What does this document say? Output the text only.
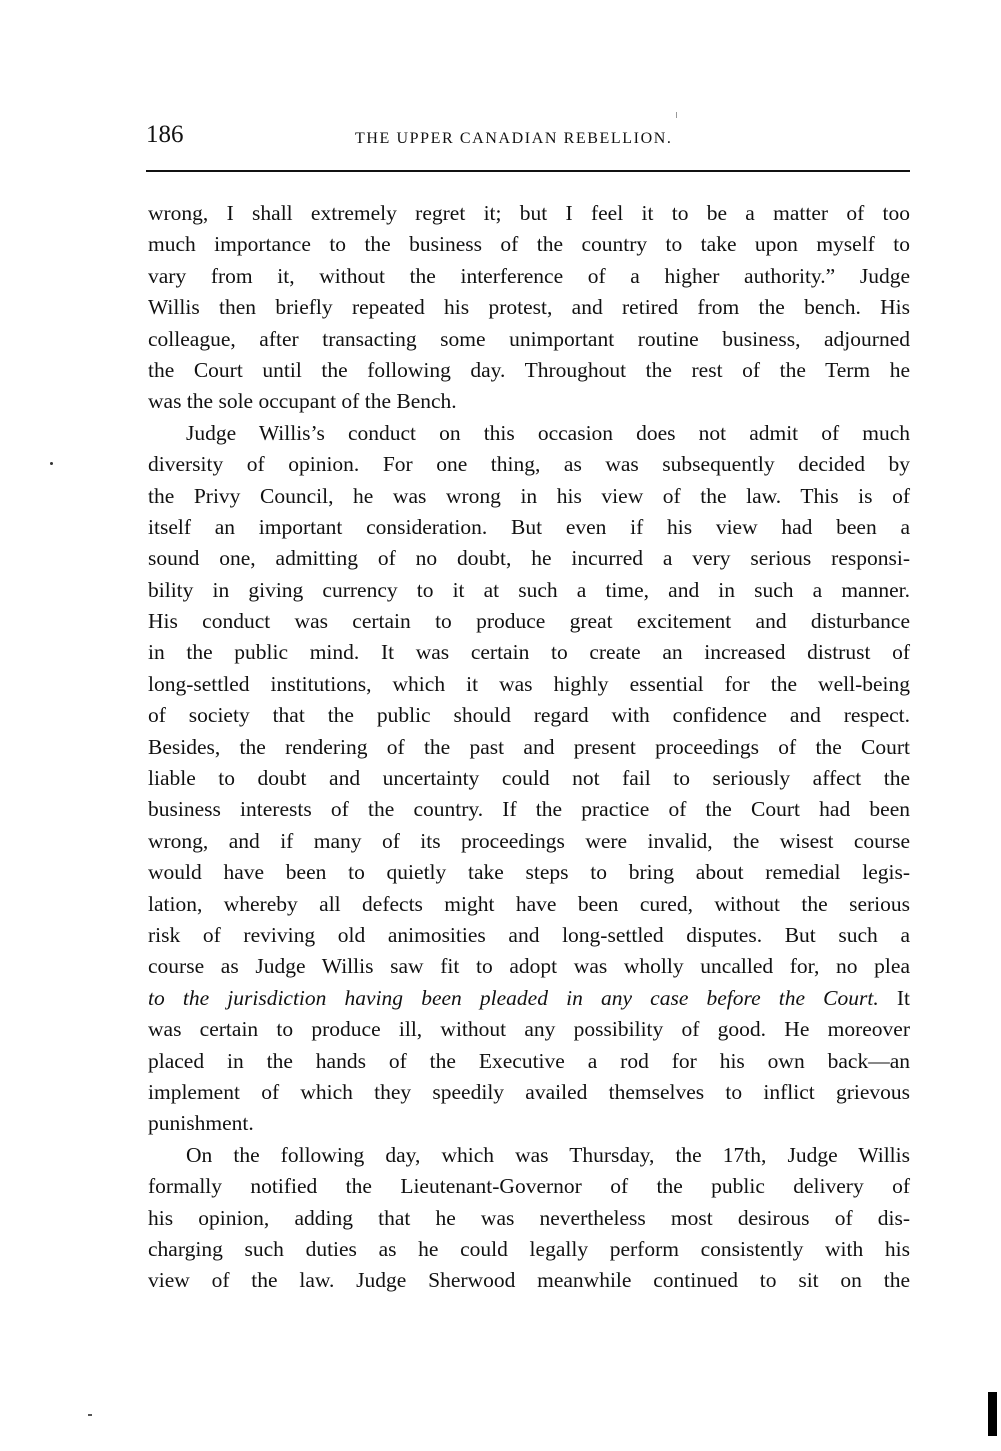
186	THE UPPER CANADIAN REBELLION.
wrong, I shall extremely regret it; but I feel it to be a matter of too
much importance to the business of the country to take upon myself to
vary from it, without the interference of a higher authority.” Judge
Willis then briefly repeated his protest, and retired from the bench. His
colleague, after transacting some unimportant routine business, adjourned
the Court until the following day. Throughout the rest of the Term he
was the sole occupant of the Bench.
Judge Willis’s conduct on this occasion does not admit of much
diversity of opinion. For one thing, as was subsequently decided by
the Privy Council, he was wrong in his view of the law. This is of
itself an important consideration. But even if his view had been a
sound one, admitting of no doubt, he incurred a very serious responsi-
bility in giving currency to it at such a time, and in such a manner.
His conduct was certain to produce great excitement and disturbance
in the public mind. It was certain to create an increased distrust of
long-settled institutions, which it was highly essential for the well-being
of society that the public should regard with confidence and respect.
Besides, the rendering of the past and present proceedings of the Court
liable to doubt and uncertainty could not fail to seriously affect the
business interests of the country. If the practice of the Court had been
wrong, and if many of its proceedings were invalid, the wisest course
would have been to quietly take steps to bring about remedial legis-
lation, whereby all defects might have been cured, without the serious
risk of reviving old animosities and long-settled disputes. But such a
course as Judge Willis saw fit to adopt was wholly uncalled for, no plea
to the jurisdiction having been pleaded in any case before the Court. It
was certain to produce ill, without any possibility of good. He moreover
placed in the hands of the Executive a rod for his own back—an
implement of which they speedily availed themselves to inflict grievous
punishment.
On the following day, which was Thursday, the 17th, Judge Willis
formally notified the Lieutenant-Governor of the public delivery of
his opinion, adding that he was nevertheless most desirous of dis-
charging such duties as he could legally perform consistently with his
view of the law. Judge Sherwood meanwhile continued to sit on the
